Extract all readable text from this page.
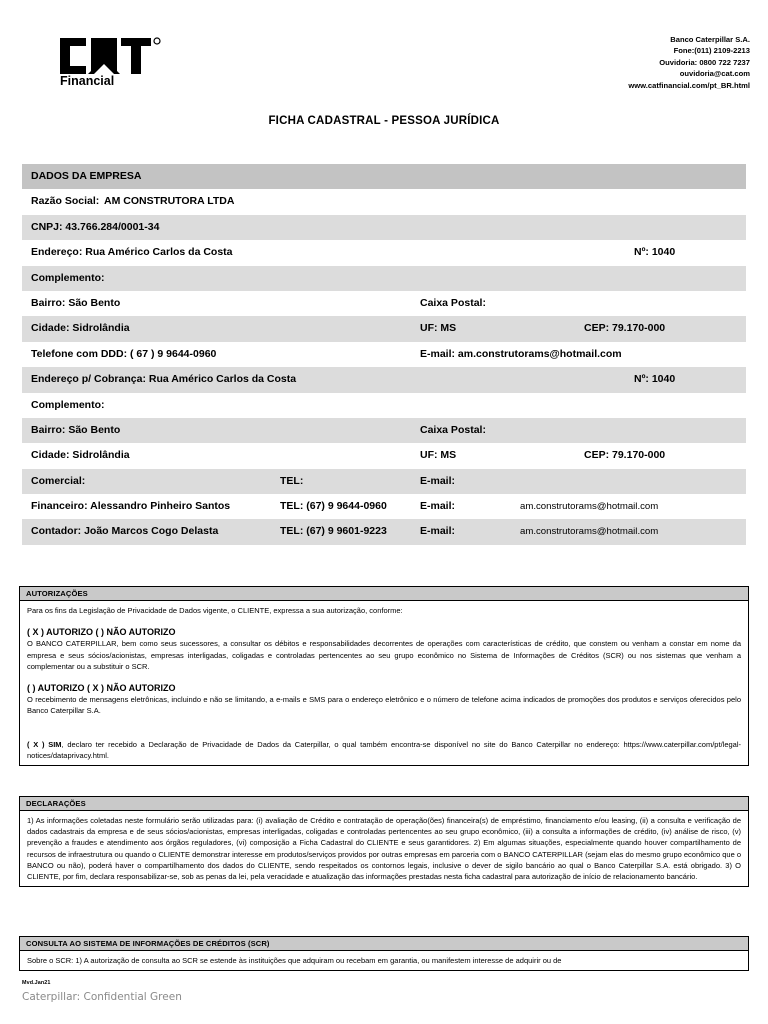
Financial
Banco Caterpillar S.A.
Fone:(011) 2109-2213
Ouvidoria: 0800 722 7237
ouvidoria@cat.com
www.catfinancial.com/pt_BR.html
FICHA CADASTRAL - PESSOA JURÍDICA
DADOS DA EMPRESA
Razão Social: AM CONSTRUTORA LTDA
CNPJ: 43.766.284/0001-34
Endereço: Rua Américo Carlos da Costa	Nº: 1040
Complemento:
Bairro: São Bento	Caixa Postal:
Cidade: Sidrolândia	UF: MS	CEP: 79.170-000
Telefone com DDD: ( 67 ) 9 9644-0960	E-mail: am.construtorams@hotmail.com
Endereço p/ Cobrança: Rua Américo Carlos da Costa	Nº: 1040
Complemento:
Bairro: São Bento	Caixa Postal:
Cidade: Sidrolândia	UF: MS	CEP: 79.170-000
Comercial:	TEL:	E-mail:
Financeiro: Alessandro Pinheiro Santos	TEL: (67) 9 9644-0960	E-mail:	am.construtorams@hotmail.com
Contador: João Marcos Cogo Delasta	TEL: (67) 9 9601-9223	E-mail:	am.construtorams@hotmail.com
AUTORIZAÇÕES

Para os fins da Legislação de Privacidade de Dados vigente, o CLIENTE, expressa a sua autorização, conforme:

( X ) AUTORIZO ( ) NÃO AUTORIZO

O BANCO CATERPILLAR, bem como seus sucessores, a consultar os débitos e responsabilidades decorrentes de operações com características de crédito, que constem ou venham a constar em nome da empresa e seus sócios/acionistas, empresas interligadas, coligadas e controladas pertencentes ao seu grupo econômico no Sistema de Informações de Créditos (SCR) ou nos sistemas que venham a complementar ou a substituir o SCR.

( ) AUTORIZO ( X ) NÃO AUTORIZO

O recebimento de mensagens eletrônicas, incluindo e não se limitando, a e-mails e SMS para o endereço eletrônico e o número de telefone acima indicados de promoções dos produtos e serviços oferecidos pelo Banco Caterpillar S.A.

( X ) SIM, declaro ter recebido a Declaração de Privacidade de Dados da Caterpillar, o qual também encontra-se disponível no site do Banco Caterpillar no endereço: https://www.caterpillar.com/pt/legal-notices/dataprivacy.html.

DECLARAÇÕES

1) As informações coletadas neste formulário serão utilizadas para: (i) avaliação de Crédito e contratação de operação(ões) financeira(s) de empréstimo, financiamento e/ou leasing, (ii) a consulta e verificação de dados cadastrais da empresa e de seus sócios/acionistas, empresas interligadas, coligadas e controladas pertencentes ao seu grupo econômico, (iii) a consulta a informações de crédito, (iv) análise de risco, (v) prevenção a fraudes e atendimento aos órgãos reguladores, (vi) composição a Ficha Cadastral do CLIENTE e seus garantidores. 2) Em algumas situações, especialmente quando houver compartilhamento de recursos de infraestrutura ou quando o CLIENTE demonstrar interesse em produtos/serviços providos por outras empresas em parceria com o BANCO CATERPILLAR (sejam elas do mesmo grupo econômico que o BANCO ou não), poderá haver o compartilhamento dos dados do CLIENTE, sendo respeitados os contornos legais, inclusive o dever de sigilo bancário ao qual o Banco Caterpillar S.A. está obrigado. 3) O CLIENTE, por fim, declara responsabilizar-se, sob as penas da lei, pela veracidade e atualização das informações prestadas nesta ficha cadastral para autorização de início de relacionamento bancário.

CONSULTA AO SISTEMA DE INFORMAÇÕES DE CRÉDITOS (SCR)

Sobre o SCR: 1) A autorização de consulta ao SCR se estende às instituições que adquiram ou recebam em garantia, ou manifestem interesse de adquirir ou de

Mvd.Jan21
Caterpillar: Confidential Green
